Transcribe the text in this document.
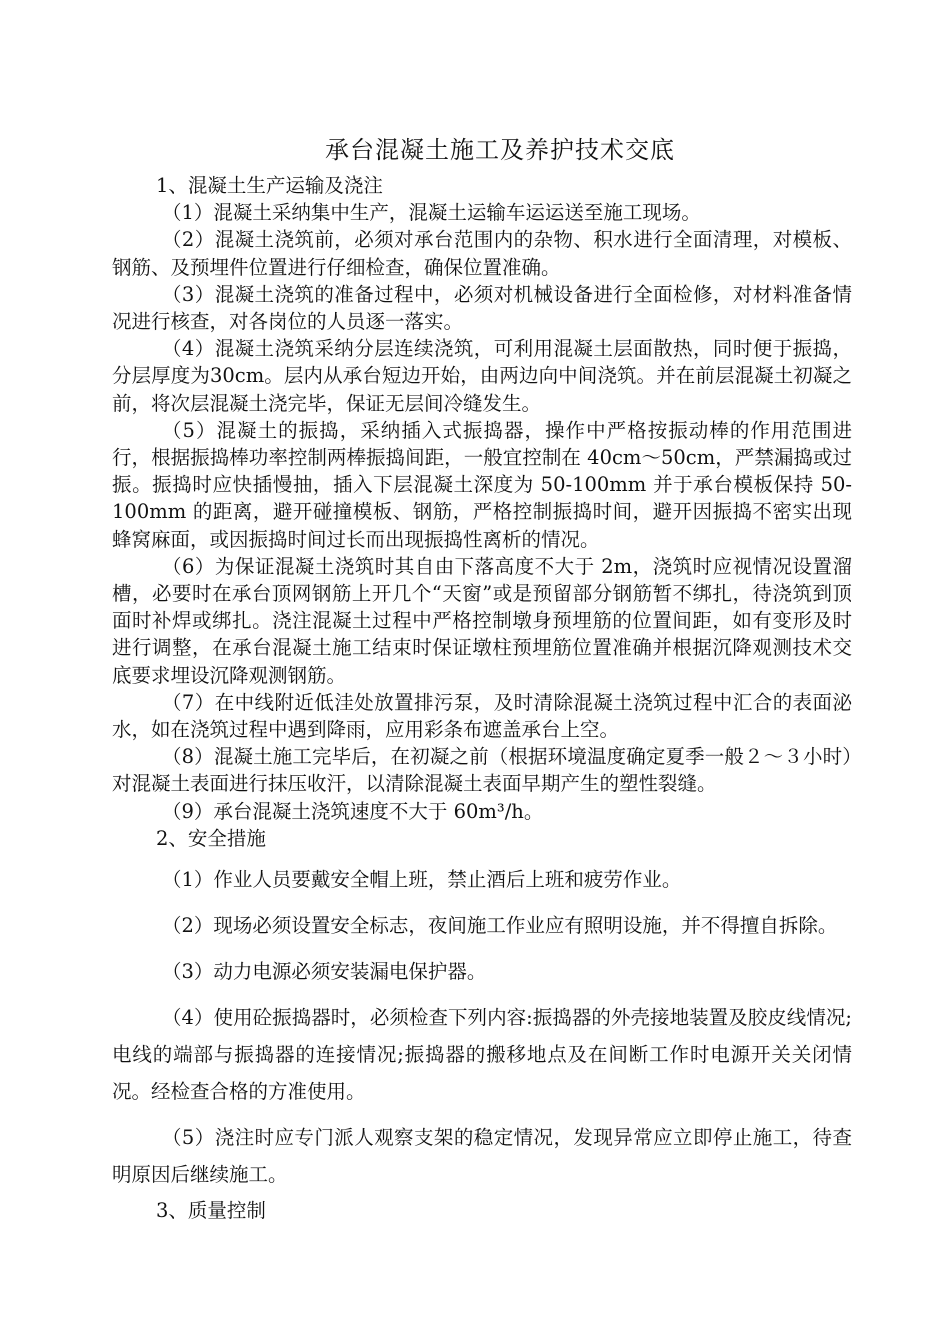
承台混凝土施工及养护技术交底

1、混凝土生产运输及浇注

（1）混凝土采纳集中生产，混凝土运输车运运送至施工现场。

（2）混凝土浇筑前，必须对承台范围内的杂物、积水进行全面清理，对模板、钢筋、及预埋件位置进行仔细检查，确保位置准确。

（3）混凝土浇筑的准备过程中，必须对机械设备进行全面检修，对材料准备情况进行核查，对各岗位的人员逐一落实。

（4）混凝土浇筑采纳分层连续浇筑，可利用混凝土层面散热，同时便于振捣，分层厚度为30cm。层内从承台短边开始，由两边向中间浇筑。并在前层混凝土初凝之前，将次层混凝土浇完毕，保证无层间冷缝发生。

（5）混凝土的振捣，采纳插入式振捣器，操作中严格按振动棒的作用范围进行，根据振捣棒功率控制两棒振捣间距，一般宜控制在 40cm～50cm，严禁漏捣或过振。振捣时应快插慢抽，插入下层混凝土深度为 50-100mm 并于承台模板保持 50-100mm 的距离，避开碰撞模板、钢筋，严格控制振捣时间，避开因振捣不密实出现蜂窝麻面，或因振捣时间过长而出现振捣性离析的情况。

（6）为保证混凝土浇筑时其自由下落高度不大于 2m，浇筑时应视情况设置溜槽，必要时在承台顶网钢筋上开几个“天窗”或是预留部分钢筋暂不绑扎，待浇筑到顶面时补焊或绑扎。浇注混凝土过程中严格控制墩身预埋筋的位置间距，如有变形及时进行调整，在承台混凝土施工结束时保证墩柱预埋筋位置准确并根据沉降观测技术交底要求埋设沉降观测钢筋。

（7）在中线附近低洼处放置排污泵，及时清除混凝土浇筑过程中汇合的表面泌水，如在浇筑过程中遇到降雨，应用彩条布遮盖承台上空。

（8）混凝土施工完毕后，在初凝之前（根据环境温度确定夏季一般２～３小时）对混凝土表面进行抹压收汗，以清除混凝土表面早期产生的塑性裂缝。

（9）承台混凝土浇筑速度不大于 60m³/h。

2、安全措施

（1）作业人员要戴安全帽上班，禁止酒后上班和疲劳作业。

（2）现场必须设置安全标志，夜间施工作业应有照明设施，并不得擅自拆除。

（3）动力电源必须安装漏电保护器。

（4）使用砼振捣器时，必须检查下列内容:振捣器的外壳接地装置及胶皮线情况;电线的端部与振捣器的连接情况;振捣器的搬移地点及在间断工作时电源开关关闭情况。经检查合格的方准使用。

（5）浇注时应专门派人观察支架的稳定情况，发现异常应立即停止施工，待查明原因后继续施工。

3、质量控制
